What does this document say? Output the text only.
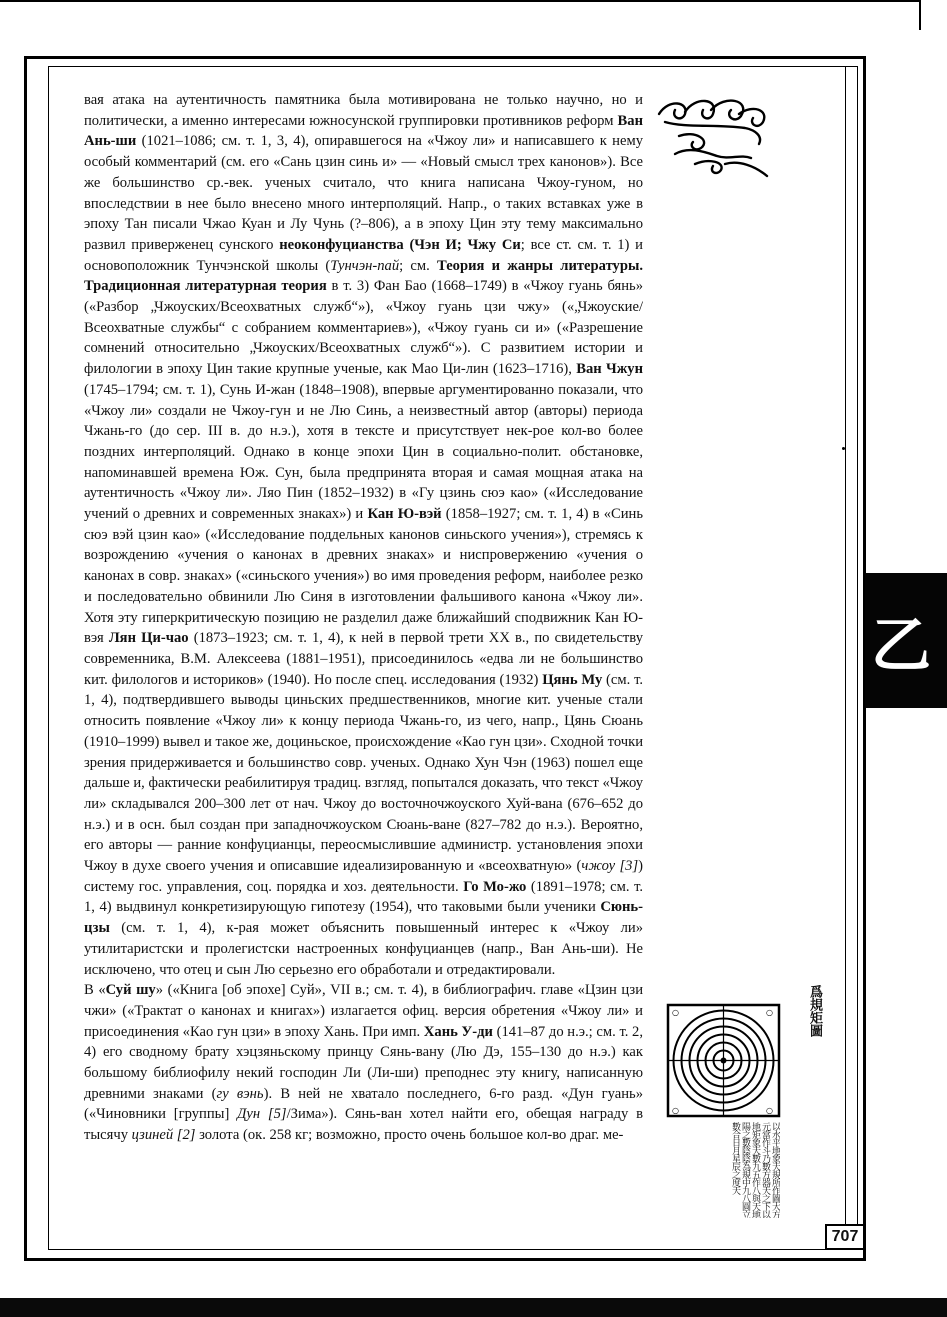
вая атака на аутентичность памятника была мотивирована не только научно, но и политически, а именно интересами южносунской группировки противников реформ Ван Ань-ши (1021–1086; см. т. 1, 3, 4), опиравшегося на «Чжоу ли» и написавшего к нему особый комментарий (см. его «Сань цзин синь и» — «Новый смысл трех канонов»). Все же большинство ср.-век. ученых считало, что книга написана Чжоу-гуном, но впоследствии в нее было внесено много интерполяций. Напр., о таких вставках уже в эпоху Тан писали Чжао Куан и Лу Чунь (?–806), а в эпоху Цин эту тему максимально развил приверженец сунского неоконфуцианства (Чэн И; Чжу Си; все ст. см. т. 1) и основоположник Тунчэнской школы (Тунчэн-пай; см. Теория и жанры литературы. Традиционная литературная теория в т. 3) Фан Бао (1668–1749) в «Чжоу гуань бянь» («Разбор „Чжоуских/Всеохватных служб“»), «Чжоу гуань цзи чжу» («„Чжоуские/Всеохватные службы“ с собранием комментариев»), «Чжоу гуань си и» («Разрешение сомнений относительно „Чжоуских/Всеохватных служб“»). С развитием истории и филологии в эпоху Цин такие крупные ученые, как Мао Ци-лин (1623–1716), Ван Чжун (1745–1794; см. т. 1), Сунь И-жан (1848–1908), впервые аргументированно показали, что «Чжоу ли» создали не Чжоу-гун и не Лю Синь, а неизвестный автор (авторы) периода Чжань-го (до сер. III в. до н.э.), хотя в тексте и присутствует нек-рое кол-во более поздних интерполяций. Однако в конце эпохи Цин в социально-полит. обстановке, напоминавшей времена Юж. Сун, была предпринята вторая и самая мощная атака на аутентичность «Чжоу ли». Ляо Пин (1852–1932) в «Гу цзинь сюэ као» («Исследование учений о древних и современных знаках») и Кан Ю-вэй (1858–1927; см. т. 1, 4) в «Синь сюэ вэй цзин као» («Исследование поддельных канонов синьского учения»), стремясь к возрождению «учения о канонах в древних знаках» и ниспровержению «учения о канонах в совр. знаках» («синьского учения») во имя проведения реформ, наиболее резко и последовательно обвинили Лю Синя в изготовлении фальшивого канона «Чжоу ли». Хотя эту гиперкритическую позицию не разделил даже ближайший сподвижник Кан Ю-вэя Лян Ци-чао (1873–1923; см. т. 1, 4), к ней в первой трети XX в., по свидетельству современника, В.М. Алексеева (1881–1951), присоединилось «едва ли не большинство кит. филологов и историков» (1940). Но после спец. исследования (1932) Цянь Му (см. т. 1, 4), подтвердившего выводы циньских предшественников, многие кит. ученые стали относить появление «Чжоу ли» к концу периода Чжань-го, из чего, напр., Цянь Сюань (1910–1999) вывел и такое же, доциньское, происхождение «Као гун цзи». Сходной точки зрения придерживается и большинство совр. ученых. Однако Хун Чэн (1963) пошел еще дальше и, фактически реабилитируя традиц. взгляд, попытался доказать, что текст «Чжоу ли» складывался 200–300 лет от нач. Чжоу до восточночжоуского Хуй-вана (676–652 до н.э.) и в осн. был создан при западночжоуском Сюань-ване (827–782 до н.э.). Вероятно, его авторы — ранние конфуцианцы, переосмыслившие администр. установления эпохи Чжоу в духе своего учения и описавшие идеализированную и «всеохватную» (чжоу [3]) систему гос. управления, соц. порядка и хоз. деятельности. Го Мо-жо (1891–1978; см. т. 1, 4) выдвинул конкретизирующую гипотезу (1954), что таковыми были ученики Сюнь-цзы (см. т. 1, 4), к-рая может объяснить повышенный интерес к «Чжоу ли» утилитаристски и пролегистски настроенных конфуцианцев (напр., Ван Ань-ши). Не исключено, что отец и сын Лю серьезно его обработали и отредактировали.

В «Суй шу» («Книга [об эпохе] Суй», VII в.; см. т. 4), в библиографич. главе «Цзин цзи чжи» («Трактат о канонах и книгах») излагается офиц. версия обретения «Чжоу ли» и присоединения «Као гун цзи» в эпоху Хань. При имп. Хань У-ди (141–87 до н.э.; см. т. 2, 4) его сводному брату хэцзяньскому принцу Сянь-вану (Лю Дэ, 155–130 до н.э.) как большому библиофилу некий господин Ли (Ли-ши) преподнес эту книгу, написанную древними знаками (гу вэнь). В ней не хватало последнего, 6-го разд. «Дун гуань» («Чиновники [группы] Дун [5]/Зима»). Сянь-ван хотел найти его, обещая награду в тысячу цзиней [2] золота (ок. 258 кг; возможно, просто очень большое кол-во драг. ме-

爲規矩圖
○	○
○	○
以水平地象天規所作圖大方元當作斗乃數方器天之下以地矩象天數九五作八與天地陽之數陰陰為規中九八圓立數合日月星辰之度天
乙
707
